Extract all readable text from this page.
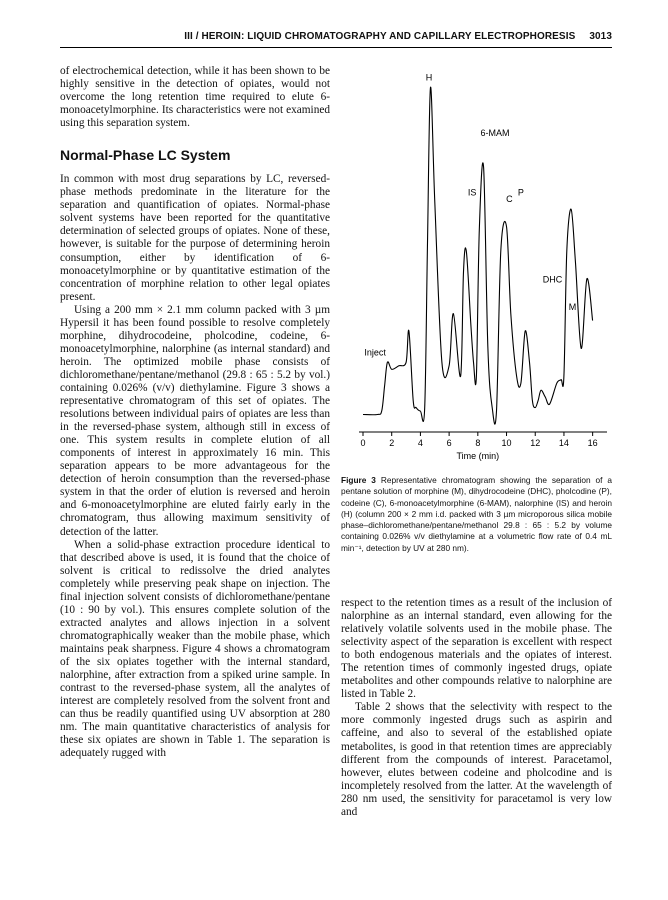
III / HEROIN: LIQUID CHROMATOGRAPHY AND CAPILLARY ELECTROPHORESIS 3013

of electrochemical detection, while it has been shown to be highly sensitive in the detection of opiates, would not overcome the long retention time required to elute 6-monoacetylmorphine. Its characteristics were not examined using this separation system.

Normal-Phase LC System

In common with most drug separations by LC, reversed-phase methods predominate in the literature for the separation and quantification of opiates. Normal-phase solvent systems have been reported for the quantitative determination of selected groups of opiates. None of these, however, is suitable for the purpose of determining heroin consumption, either by identification of 6-monoacetylmorphine or by quantitative estimation of the concentration of morphine relation to other legal opiates present.

Using a 200 mm × 2.1 mm column packed with 3 µm Hypersil it has been found possible to resolve completely morphine, dihydrocodeine, pholcodine, codeine, 6-monoacetylmorphine, nalorphine (as internal standard) and heroin. The optimized mobile phase consists of dichloromethane/pentane/methanol (29.8 : 65 : 5.2 by vol.) containing 0.026% (v/v) diethylamine. Figure 3 shows a representative chromatogram of this set of opiates. The resolutions between individual pairs of opiates are less than in the reversed-phase system, although still in excess of one. This system results in complete elution of all components of interest in approximately 16 min. This separation appears to be more advantageous for the detection of heroin consumption than the reversed-phase system in that the order of elution is reversed and heroin and 6-monoacetylmorphine are eluted fairly early in the chromatogram, thus allowing maximum sensitivity of detection of the latter.

When a solid-phase extraction procedure identical to that described above is used, it is found that the choice of solvent is critical to redissolve the dried analytes completely while preserving peak shape on injection. The final injection solvent consists of dichloromethane/pentane (10 : 90 by vol.). This ensures complete solution of the extracted analytes and allows injection in a solvent chromatographically weaker than the mobile phase, which maintains peak sharpness. Figure 4 shows a chromatogram of the six opiates together with the internal standard, nalorphine, after extraction from a spiked urine sample. In contrast to the reversed-phase system, all the analytes of interest are completely resolved from the solvent front and can thus be readily quantified using UV absorption at 280 nm. The main quantitative characteristics of analysis for these six opiates are shown in Table 1. The separation is adequately rugged with

0	2	4	6	8 10 12 14 16
Time (min)
Inject
H
IS
6-MAM
C
P
DHC
M
Figure 3 Representative chromatogram showing the separation of a pentane solution of morphine (M), dihydrocodeine (DHC), pholcodine (P), codeine (C), 6-monoacetylmorphine (6-MAM), nalorphine (IS) and heroin (H) (column 200 × 2 mm i.d. packed with 3 µm microporous silica mobile phase–dichloromethane/pentane/methanol 29.8 : 65 : 5.2 by volume containing 0.026% v/v diethylamine at a volumetric flow rate of 0.4 mL min⁻¹, detection by UV at 280 nm).

respect to the retention times as a result of the inclusion of nalorphine as an internal standard, even allowing for the relatively volatile solvents used in the mobile phase. The selectivity aspect of the separation is excellent with respect to both endogenous materials and the opiates of interest. The retention times of commonly ingested drugs, opiate metabolites and other compounds relative to nalorphine are listed in Table 2.

Table 2 shows that the selectivity with respect to the more commonly ingested drugs such as aspirin and caffeine, and also to several of the established opiate metabolites, is good in that retention times are appreciably different from the compounds of interest. Paracetamol, however, elutes between codeine and pholcodine and is incompletely resolved from the latter. At the wavelength of 280 nm used, the sensitivity for paracetamol is very low and
